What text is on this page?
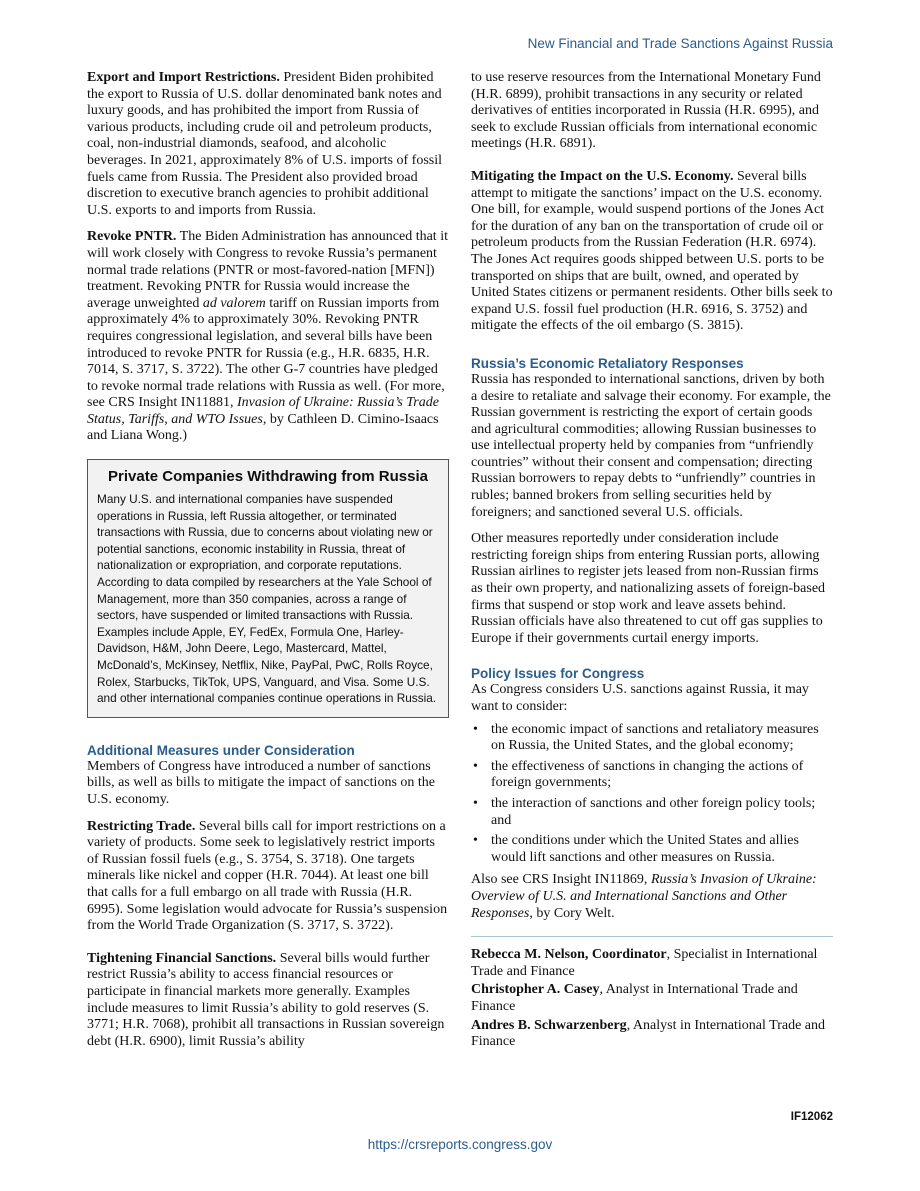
New Financial and Trade Sanctions Against Russia

Export and Import Restrictions. President Biden prohibited the export to Russia of U.S. dollar denominated bank notes and luxury goods, and has prohibited the import from Russia of various products, including crude oil and petroleum products, coal, non-industrial diamonds, seafood, and alcoholic beverages. In 2021, approximately 8% of U.S. imports of fossil fuels came from Russia. The President also provided broad discretion to executive branch agencies to prohibit additional U.S. exports to and imports from Russia.

Revoke PNTR. The Biden Administration has announced that it will work closely with Congress to revoke Russia’s permanent normal trade relations (PNTR or most-favored-nation [MFN]) treatment. Revoking PNTR for Russia would increase the average unweighted ad valorem tariff on Russian imports from approximately 4% to approximately 30%. Revoking PNTR requires congressional legislation, and several bills have been introduced to revoke PNTR for Russia (e.g., H.R. 6835, H.R. 7014, S. 3717, S. 3722). The other G-7 countries have pledged to revoke normal trade relations with Russia as well. (For more, see CRS Insight IN11881, Invasion of Ukraine: Russia’s Trade Status, Tariffs, and WTO Issues, by Cathleen D. Cimino-Isaacs and Liana Wong.)

Private Companies Withdrawing from Russia
Many U.S. and international companies have suspended operations in Russia, left Russia altogether, or terminated transactions with Russia, due to concerns about violating new or potential sanctions, economic instability in Russia, threat of nationalization or expropriation, and corporate reputations. According to data compiled by researchers at the Yale School of Management, more than 350 companies, across a range of sectors, have suspended or limited transactions with Russia. Examples include Apple, EY, FedEx, Formula One, Harley-Davidson, H&M, John Deere, Lego, Mastercard, Mattel, McDonald’s, McKinsey, Netflix, Nike, PayPal, PwC, Rolls Royce, Rolex, Starbucks, TikTok, UPS, Vanguard, and Visa. Some U.S. and other international companies continue operations in Russia.
Additional Measures under Consideration

Members of Congress have introduced a number of sanctions bills, as well as bills to mitigate the impact of sanctions on the U.S. economy.

Restricting Trade. Several bills call for import restrictions on a variety of products. Some seek to legislatively restrict imports of Russian fossil fuels (e.g., S. 3754, S. 3718). One targets minerals like nickel and copper (H.R. 7044). At least one bill that calls for a full embargo on all trade with Russia (H.R. 6995). Some legislation would advocate for Russia’s suspension from the World Trade Organization (S. 3717, S. 3722).

Tightening Financial Sanctions. Several bills would further restrict Russia’s ability to access financial resources or participate in financial markets more generally. Examples include measures to limit Russia’s ability to gold reserves (S. 3771; H.R. 7068), prohibit all transactions in Russian sovereign debt (H.R. 6900), limit Russia’s ability

to use reserve resources from the International Monetary Fund (H.R. 6899), prohibit transactions in any security or related derivatives of entities incorporated in Russia (H.R. 6995), and seek to exclude Russian officials from international economic meetings (H.R. 6891).

Mitigating the Impact on the U.S. Economy. Several bills attempt to mitigate the sanctions’ impact on the U.S. economy. One bill, for example, would suspend portions of the Jones Act for the duration of any ban on the transportation of crude oil or petroleum products from the Russian Federation (H.R. 6974). The Jones Act requires goods shipped between U.S. ports to be transported on ships that are built, owned, and operated by United States citizens or permanent residents. Other bills seek to expand U.S. fossil fuel production (H.R. 6916, S. 3752) and mitigate the effects of the oil embargo (S. 3815).

Russia’s Economic Retaliatory Responses

Russia has responded to international sanctions, driven by both a desire to retaliate and salvage their economy. For example, the Russian government is restricting the export of certain goods and agricultural commodities; allowing Russian businesses to use intellectual property held by companies from “unfriendly countries” without their consent and compensation; directing Russian borrowers to repay debts to “unfriendly” countries in rubles; banned brokers from selling securities held by foreigners; and sanctioned several U.S. officials.

Other measures reportedly under consideration include restricting foreign ships from entering Russian ports, allowing Russian airlines to register jets leased from non-Russian firms as their own property, and nationalizing assets of foreign-based firms that suspend or stop work and leave assets behind. Russian officials have also threatened to cut off gas supplies to Europe if their governments curtail energy imports.

Policy Issues for Congress

As Congress considers U.S. sanctions against Russia, it may want to consider:

• the economic impact of sanctions and retaliatory measures on Russia, the United States, and the global economy;
• the effectiveness of sanctions in changing the actions of foreign governments;
• the interaction of sanctions and other foreign policy tools; and
• the conditions under which the United States and allies would lift sanctions and other measures on Russia.

Also see CRS Insight IN11869, Russia’s Invasion of Ukraine: Overview of U.S. and International Sanctions and Other Responses, by Cory Welt.

Rebecca M. Nelson, Coordinator, Specialist in International Trade and Finance

Christopher A. Casey, Analyst in International Trade and Finance

Andres B. Schwarzenberg, Analyst in International Trade and Finance

IF12062
https://crsreports.congress.gov
